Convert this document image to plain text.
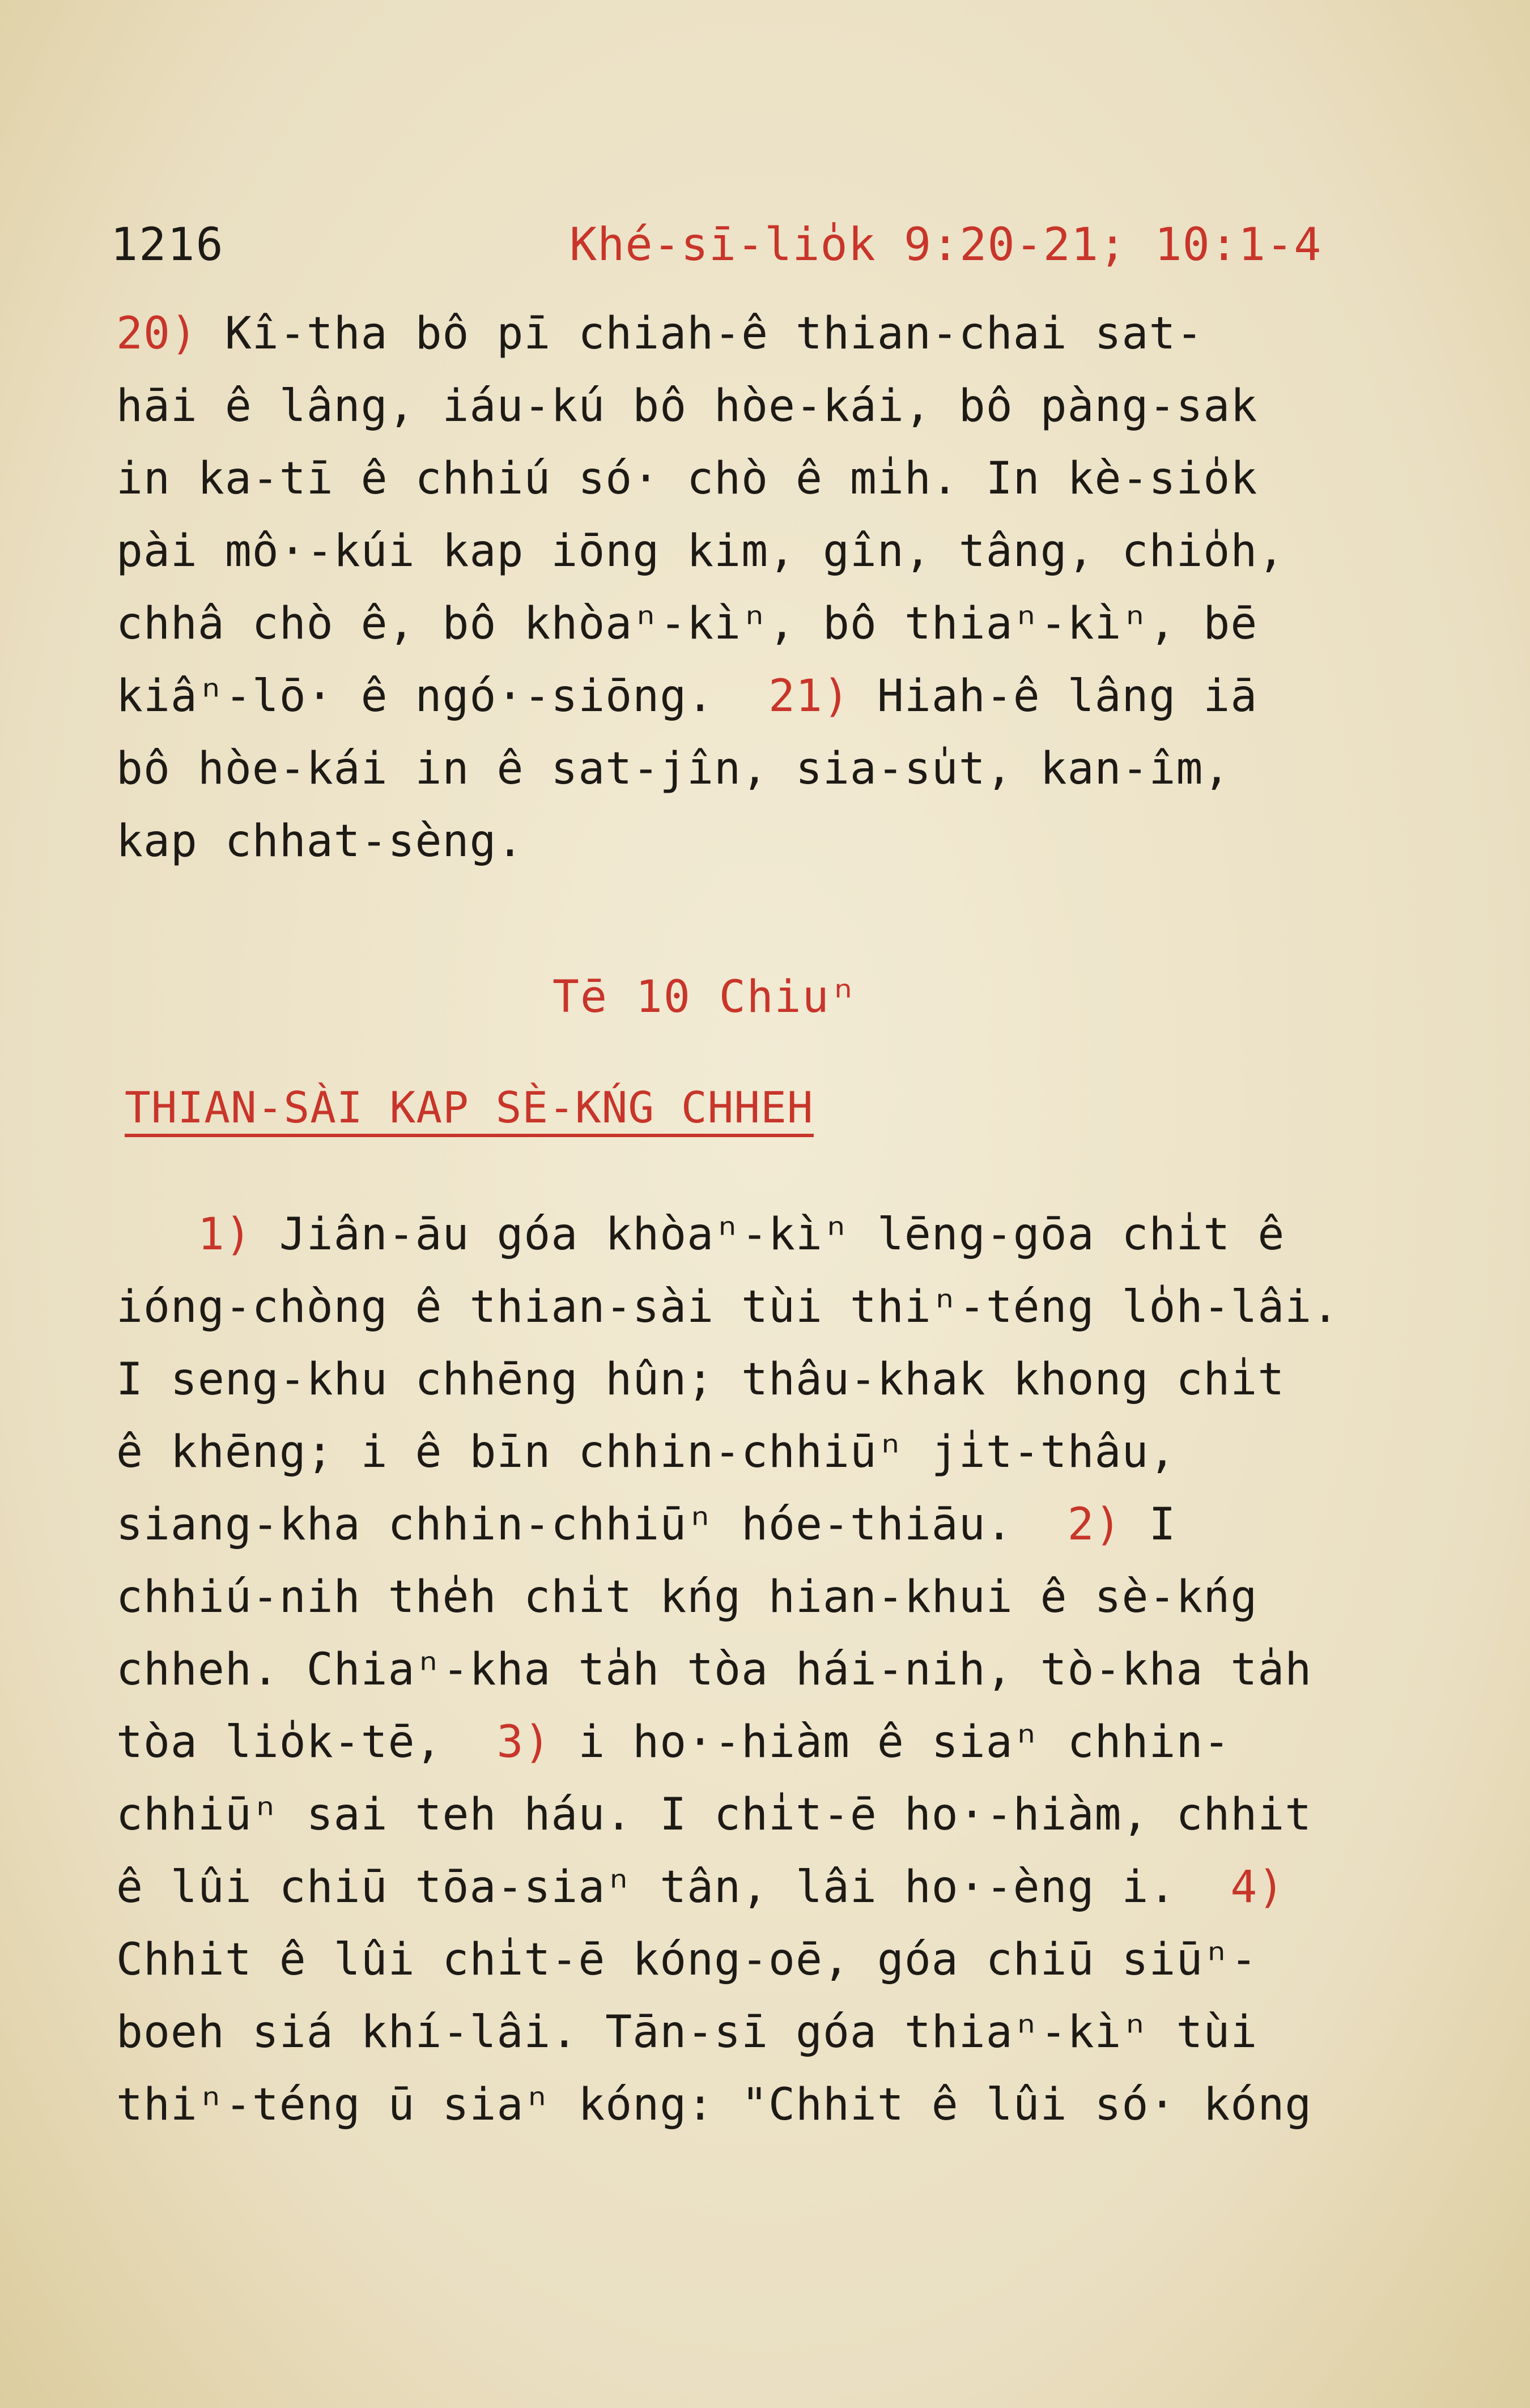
1216	Khé-sī-lio̍k 9:20-21; 10:1-4
20) Kî-tha bô pī chiah-ê thian-chai sat-
hāi ê lâng, iáu-kú bô hòe-kái, bô pàng-sak
in ka-tī ê chhiú só· chò ê mi̍h. In kè-sio̍k
pài mô·-kúi kap iōng kim, gîn, tâng, chio̍h,
chhâ chò ê, bô khòaⁿ-kìⁿ, bô thiaⁿ-kìⁿ, bē
kiâⁿ-lō· ê ngó·-siōng.  21) Hiah-ê lâng iā
bô hòe-kái in ê sat-jîn, sia-su̍t, kan-îm,
kap chhat-sèng.
Tē 10 Chiuⁿ
THIAN-SÀI KAP SÈ-KŃG CHHEH
1) Jiân-āu góa khòaⁿ-kìⁿ lēng-gōa chi̍t ê
ióng-chòng ê thian-sài tùi thiⁿ-téng lo̍h-lâi.
I seng-khu chhēng hûn; thâu-khak khong chi̍t
ê khēng; i ê bīn chhin-chhiūⁿ ji̍t-thâu,
siang-kha chhin-chhiūⁿ hóe-thiāu.  2) I
chhiú-nih the̍h chi̍t kńg hian-khui ê sè-kńg
chheh. Chiaⁿ-kha ta̍h tòa hái-nih, tò-kha ta̍h
tòa lio̍k-tē,  3) i ho·-hiàm ê siaⁿ chhin-
chhiūⁿ sai teh háu. I chi̍t-ē ho·-hiàm, chhit
ê lûi chiū tōa-siaⁿ tân, lâi ho·-èng i.  4)
Chhit ê lûi chi̍t-ē kóng-oē, góa chiū siūⁿ-
boeh siá khí-lâi. Tān-sī góa thiaⁿ-kìⁿ tùi
thiⁿ-téng ū siaⁿ kóng: "Chhit ê lûi só· kóng
